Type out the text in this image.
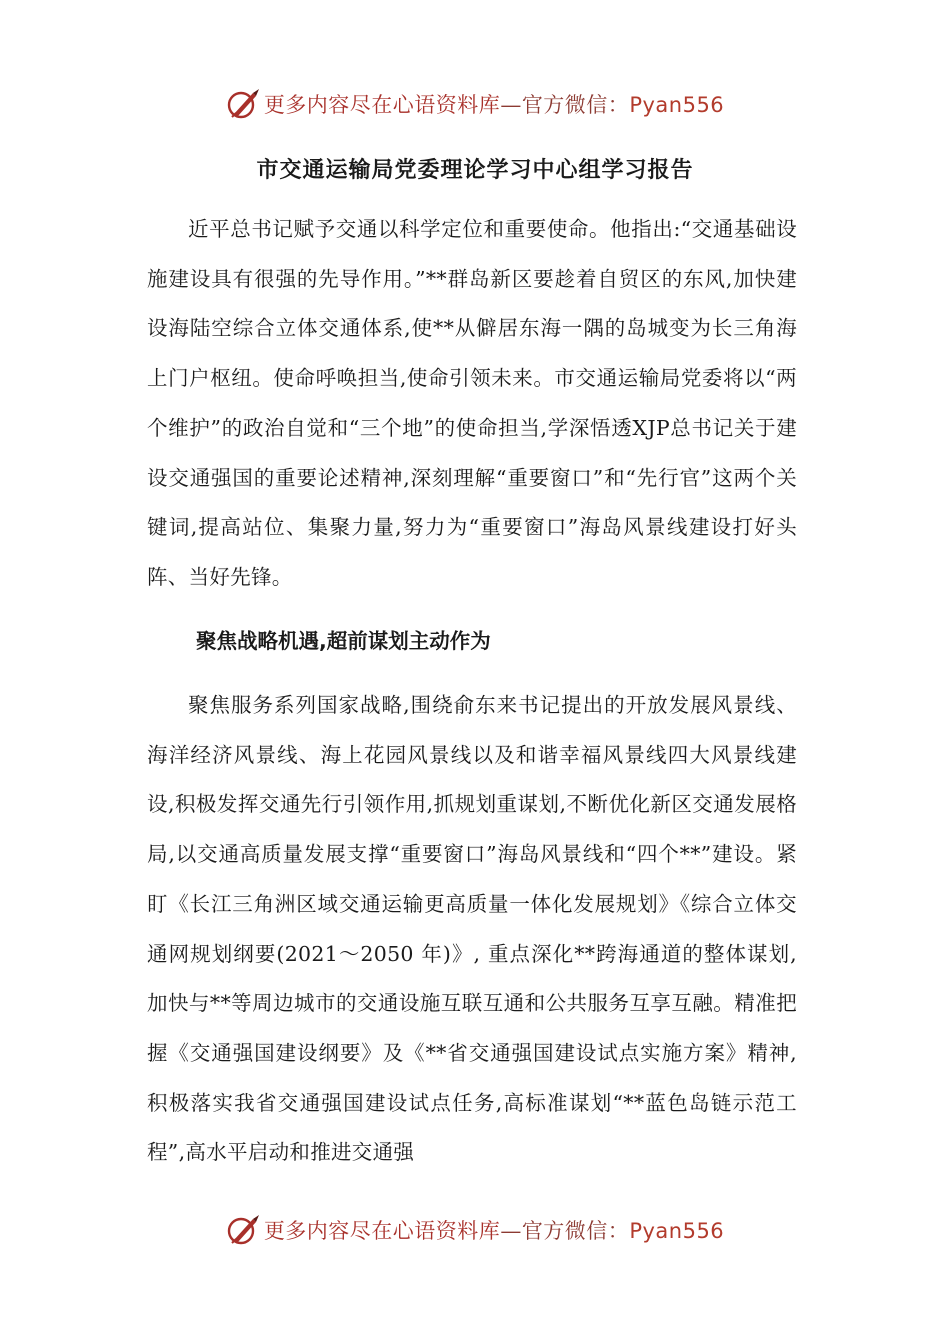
更多内容尽在心语资料库—官方微信：Pyan556
市交通运输局党委理论学习中心组学习报告

近平总书记赋予交通以科学定位和重要使命。他指出:“交通基础设施建设具有很强的先导作用。”**群岛新区要趁着自贸区的东风,加快建设海陆空综合立体交通体系,使**从僻居东海一隅的岛城变为长三角海上门户枢纽。使命呼唤担当,使命引领未来。市交通运输局党委将以“两个维护”的政治自觉和“三个地”的使命担当,学深悟透XJP总书记关于建设交通强国的重要论述精神,深刻理解“重要窗口”和“先行官”这两个关键词,提高站位、集聚力量,努力为“重要窗口”海岛风景线建设打好头阵、当好先锋。

聚焦战略机遇,超前谋划主动作为

聚焦服务系列国家战略,围绕俞东来书记提出的开放发展风景线、海洋经济风景线、海上花园风景线以及和谐幸福风景线四大风景线建设,积极发挥交通先行引领作用,抓规划重谋划,不断优化新区交通发展格局,以交通高质量发展支撑“重要窗口”海岛风景线和“四个**”建设。紧盯《长江三角洲区域交通运输更高质量一体化发展规划》《综合立体交通网规划纲要(2021～2050 年)》, 重点深化**跨海通道的整体谋划,加快与**等周边城市的交通设施互联互通和公共服务互享互融。精准把握《交通强国建设纲要》及《**省交通强国建设试点实施方案》精神,积极落实我省交通强国建设试点任务,高标准谋划“**蓝色岛链示范工程”,高水平启动和推进交通强

更多内容尽在心语资料库—官方微信：Pyan556
